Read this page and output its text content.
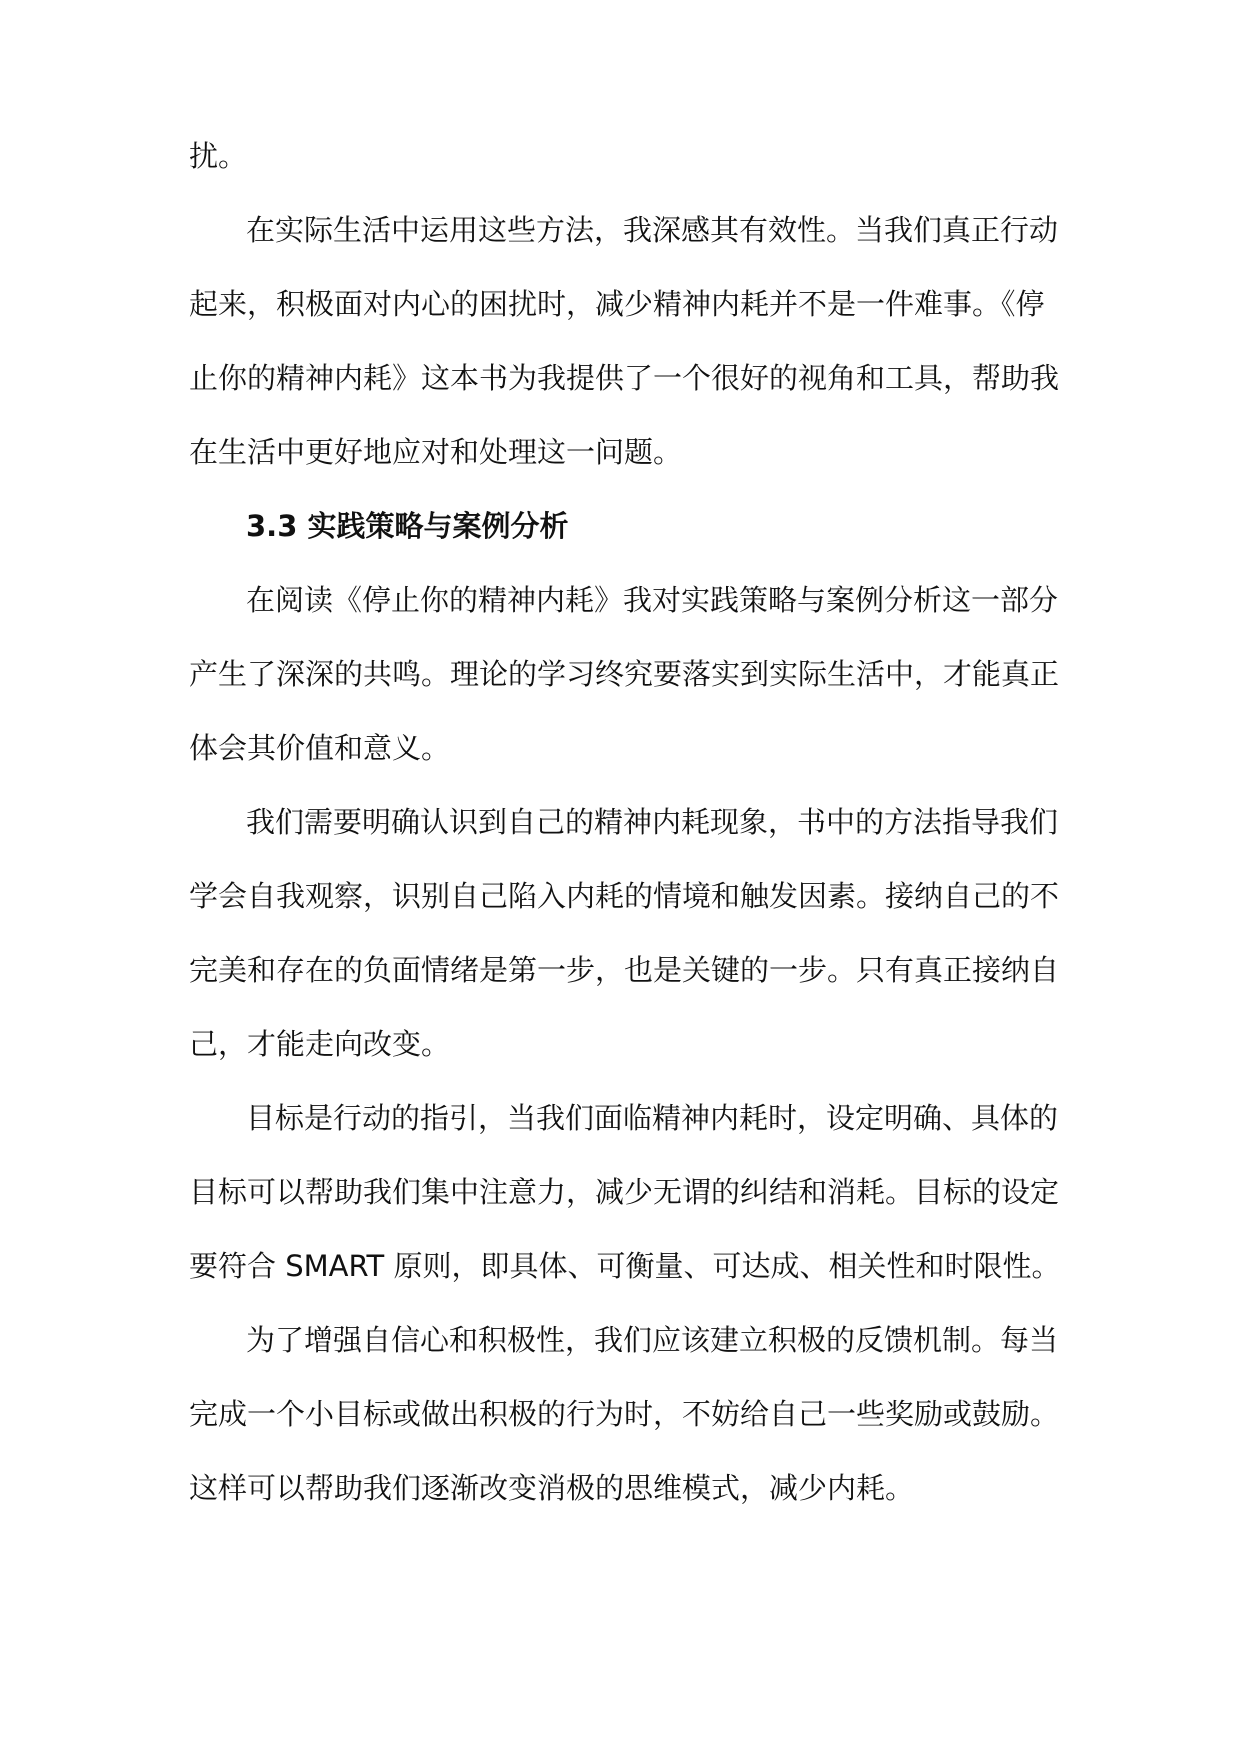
扰。
在实际生活中运用这些方法，我深感其有效性。当我们真正行动
起来，积极面对内心的困扰时，减少精神内耗并不是一件难事。《停
止你的精神内耗》这本书为我提供了一个很好的视角和工具，帮助我
在生活中更好地应对和处理这一问题。
3.3 实践策略与案例分析
在阅读《停止你的精神内耗》我对实践策略与案例分析这一部分
产生了深深的共鸣。理论的学习终究要落实到实际生活中，才能真正
体会其价值和意义。
我们需要明确认识到自己的精神内耗现象，书中的方法指导我们
学会自我观察，识别自己陷入内耗的情境和触发因素。接纳自己的不
完美和存在的负面情绪是第一步，也是关键的一步。只有真正接纳自
己，才能走向改变。
目标是行动的指引，当我们面临精神内耗时，设定明确、具体的
目标可以帮助我们集中注意力，减少无谓的纠结和消耗。目标的设定
要符合 SMART 原则，即具体、可衡量、可达成、相关性和时限性。
为了增强自信心和积极性，我们应该建立积极的反馈机制。每当
完成一个小目标或做出积极的行为时，不妨给自己一些奖励或鼓励。
这样可以帮助我们逐渐改变消极的思维模式，减少内耗。
